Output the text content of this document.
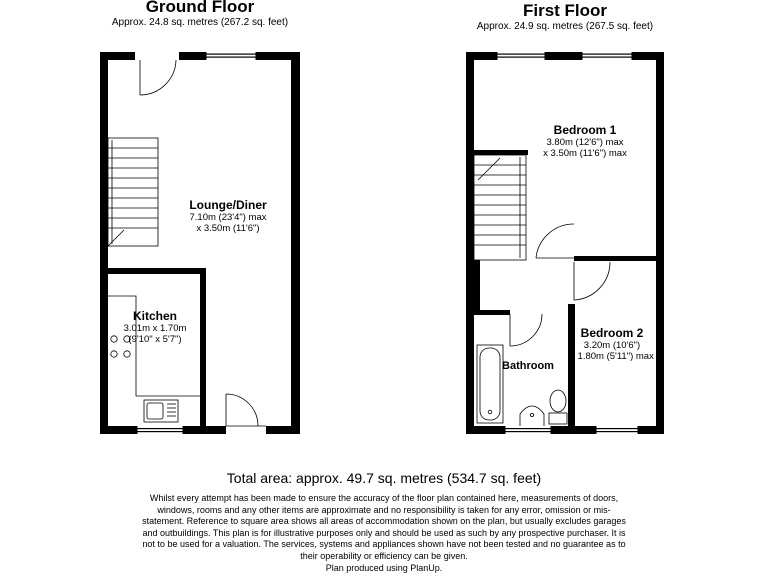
Ground Floor
Approx. 24.8 sq. metres (267.2 sq. feet)
First Floor
Approx. 24.9 sq. metres (267.5 sq. feet)
Lounge/Diner
7.10m (23'4") max
x 3.50m (11'6")
Kitchen
3.01m x 1.70m
(9'10" x 5'7")
Bedroom 1
3.80m (12'6") max
x 3.50m (11'6") max
Bedroom 2
3.20m (10'6")
x 1.80m (5'11") max
Bathroom
Total area: approx. 49.7 sq. metres (534.7 sq. feet)
Whilst every attempt has been made to ensure the accuracy of the floor plan contained here, measurements of doors,
windows, rooms and any other items are approximate and no responsibility is taken for any error, omission or mis-
statement. Reference to square area shows all areas of accommodation shown on the plan, but usually excludes garages
and outbuildings. This plan is for illustrative purposes only and should be used as such by any prospective purchaser. It is
not to be used for a valuation. The services, systems and appliances shown have not been tested and no guarantee as to
their operability or efficiency can be given.
Plan produced using PlanUp.
